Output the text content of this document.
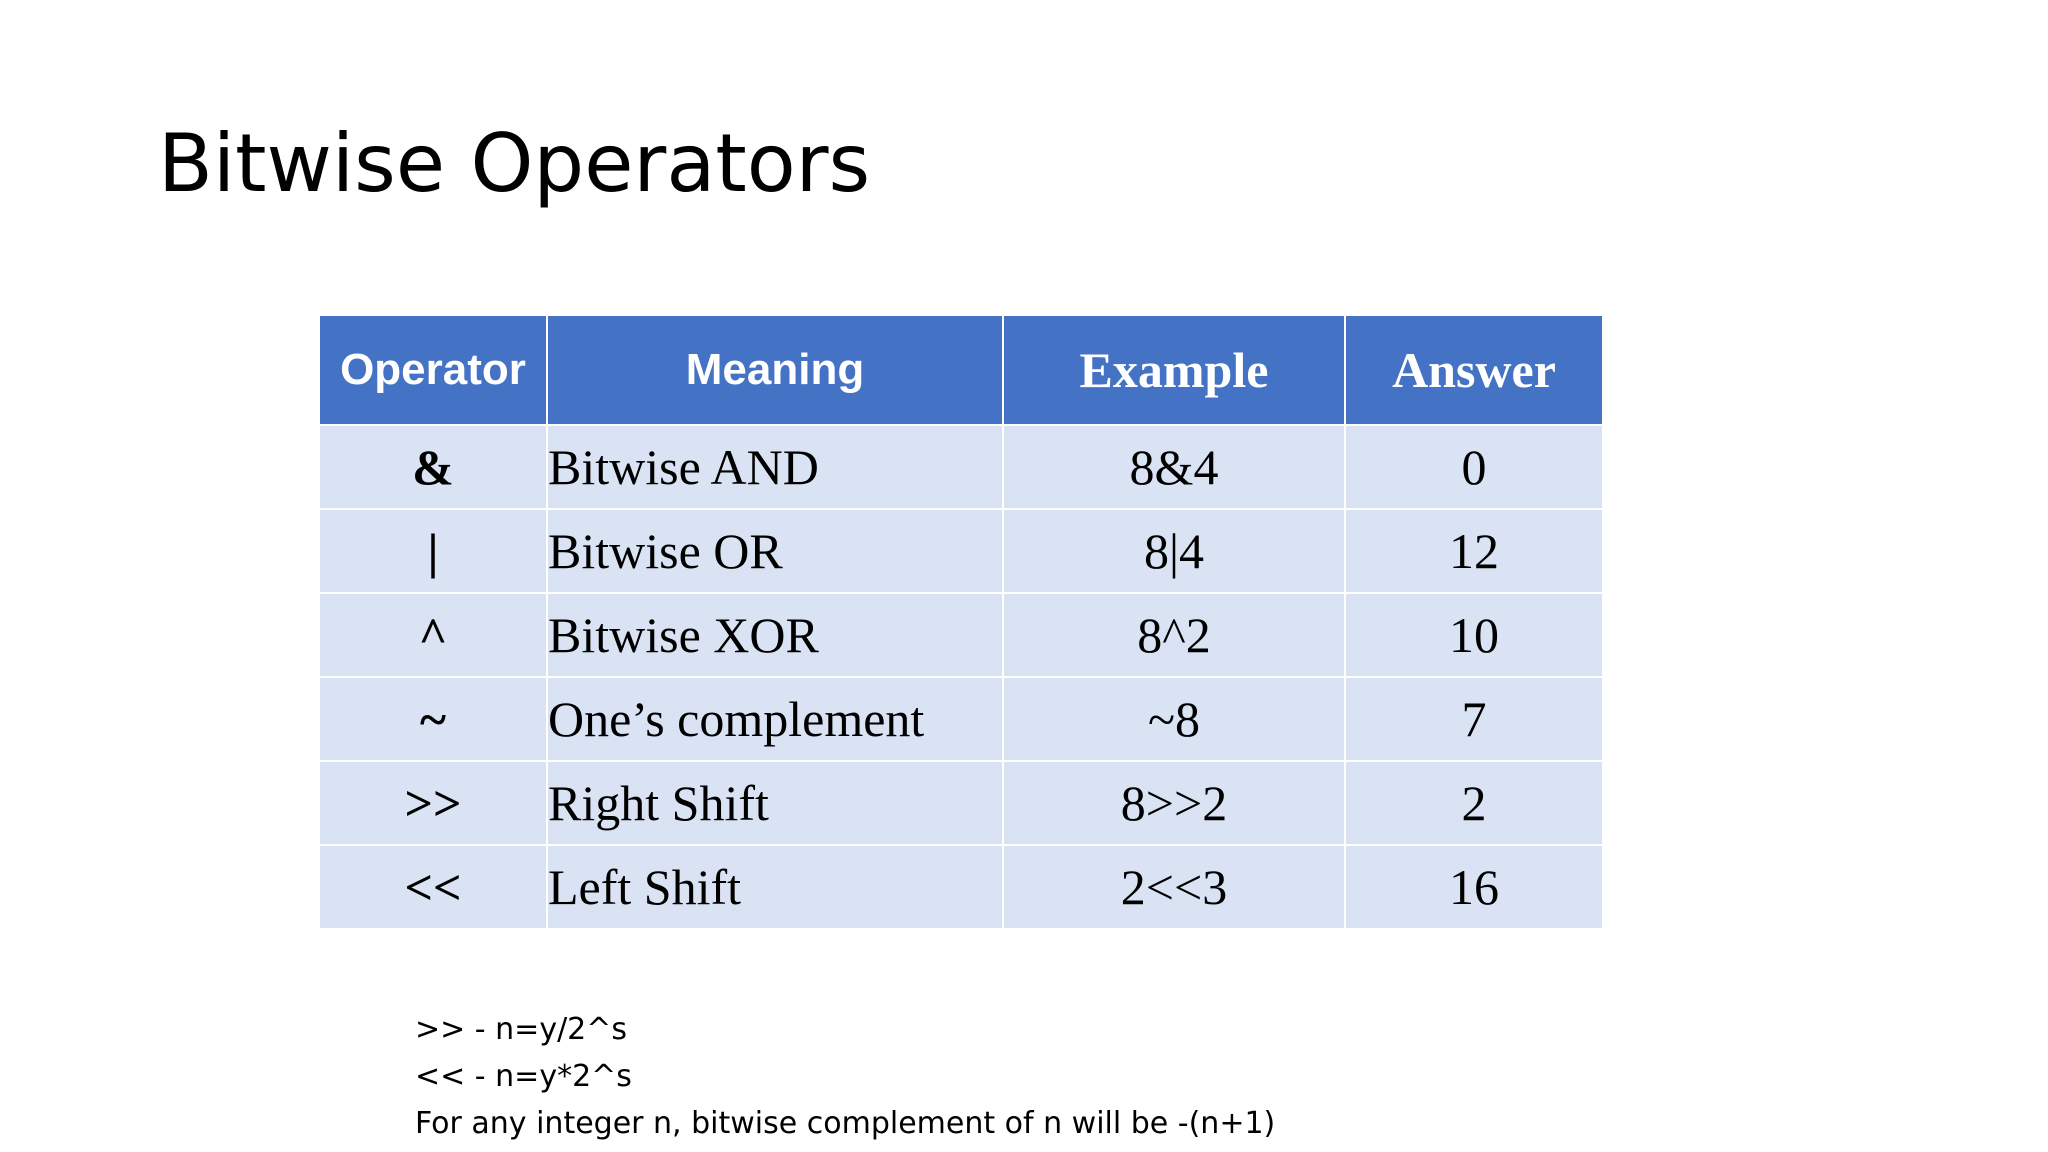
Bitwise Operators
Operator	Meaning	Example	Answer
&	Bitwise AND	8&4	0
|	Bitwise OR	8|4	12
^	Bitwise XOR	8^2	10
~	One’s complement	~8	7
>>	Right Shift	8>>2	2
<<	Left Shift	2<<3	16
>> - n=y/2^s
<< - n=y*2^s
For any integer n, bitwise complement of n will be -(n+1)
